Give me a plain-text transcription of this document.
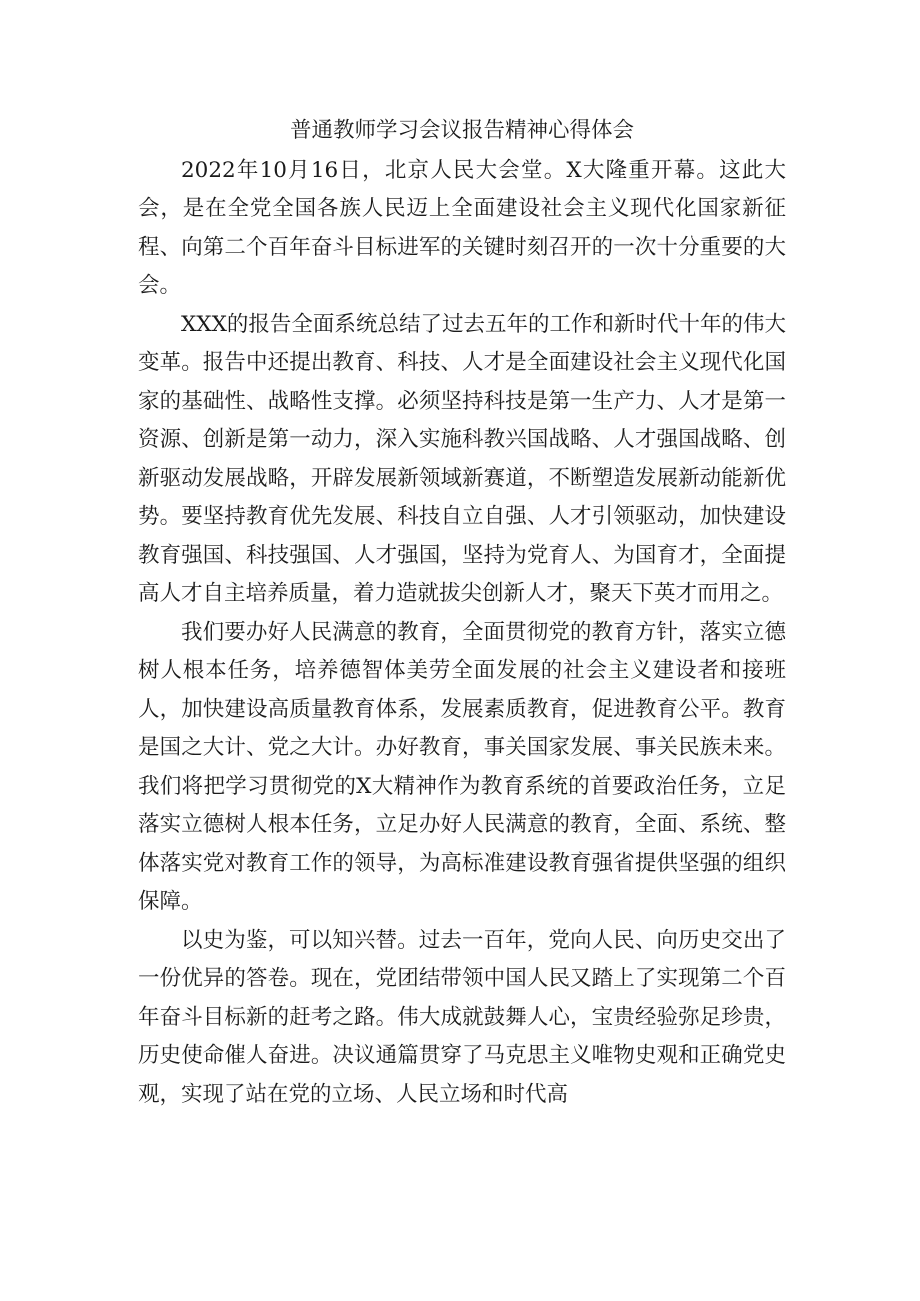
普通教师学习会议报告精神心得体会

2022年10月16日，北京人民大会堂。X大隆重开幕。这此大会，是在全党全国各族人民迈上全面建设社会主义现代化国家新征程、向第二个百年奋斗目标进军的关键时刻召开的一次十分重要的大会。

XXX的报告全面系统总结了过去五年的工作和新时代十年的伟大变革。报告中还提出教育、科技、人才是全面建设社会主义现代化国家的基础性、战略性支撑。必须坚持科技是第一生产力、人才是第一资源、创新是第一动力，深入实施科教兴国战略、人才强国战略、创新驱动发展战略，开辟发展新领域新赛道，不断塑造发展新动能新优势。要坚持教育优先发展、科技自立自强、人才引领驱动，加快建设教育强国、科技强国、人才强国，坚持为党育人、为国育才，全面提高人才自主培养质量，着力造就拔尖创新人才，聚天下英才而用之。

我们要办好人民满意的教育，全面贯彻党的教育方针，落实立德树人根本任务，培养德智体美劳全面发展的社会主义建设者和接班人，加快建设高质量教育体系，发展素质教育，促进教育公平。教育是国之大计、党之大计。办好教育，事关国家发展、事关民族未来。我们将把学习贯彻党的X大精神作为教育系统的首要政治任务，立足落实立德树人根本任务，立足办好人民满意的教育，全面、系统、整体落实党对教育工作的领导，为高标准建设教育强省提供坚强的组织保障。

以史为鉴，可以知兴替。过去一百年，党向人民、向历史交出了一份优异的答卷。现在，党团结带领中国人民又踏上了实现第二个百年奋斗目标新的赶考之路。伟大成就鼓舞人心，宝贵经验弥足珍贵，历史使命催人奋进。决议通篇贯穿了马克思主义唯物史观和正确党史观，实现了站在党的立场、人民立场和时代高
